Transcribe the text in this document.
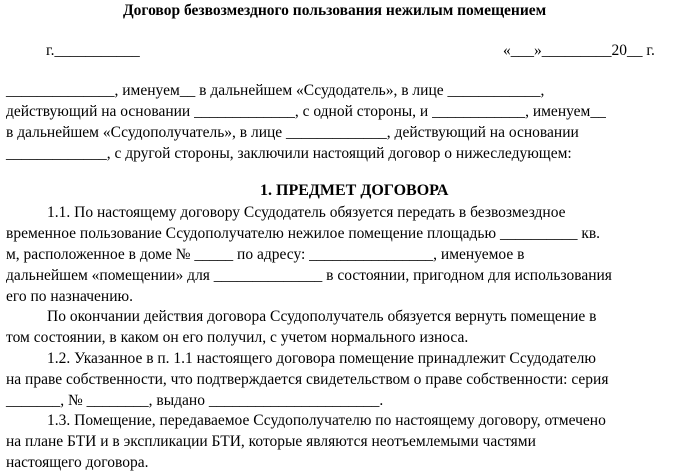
Договор безвозмездного пользования нежилым помещением
г.___________	«___»_________20__ г.
______________, именуем__ в дальнейшем «Ссудодатель», в лице ____________,
действующий на основании _____________, с одной стороны, и ____________, именуем__
в дальнейшем «Ссудополучатель», в лице _____________, действующий на основании
_____________, с другой стороны, заключили настоящий договор о нижеследующем:
1. ПРЕДМЕТ ДОГОВОРА
1.1. По настоящему договору Ссудодатель обязуется передать в безвозмездное
временное пользование Ссудополучателю нежилое помещение площадью __________ кв.
м, расположенное в доме № _____ по адресу: ________________, именуемое в
дальнейшем «помещении» для ______________ в состоянии, пригодном для использования
его по назначению.
По окончании действия договора Ссудополучатель обязуется вернуть помещение в
том состоянии, в каком он его получил, с учетом нормального износа.
1.2. Указанное в п. 1.1 настоящего договора помещение принадлежит Ссудодателю
на праве собственности, что подтверждается свидетельством о праве собственности: серия
_______, № ________, выдано ______________________.
1.3. Помещение, передаваемое Ссудополучателю по настоящему договору, отмечено
на плане БТИ и в экспликации БТИ, которые являются неотъемлемыми частями
настоящего договора.
